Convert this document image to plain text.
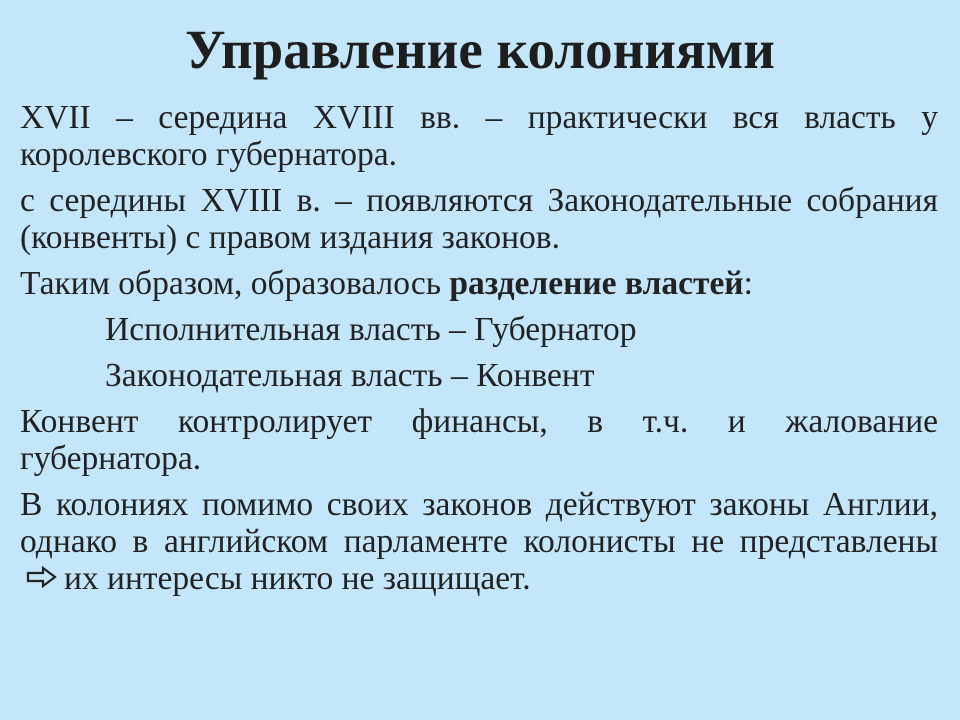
Управление колониями

XVII – середина XVIII вв. – практически вся власть у королевского губернатора.

с середины XVIII в. – появляются Законодательные собрания (конвенты) с правом издания законов.

Таким образом, образовалось разделение властей:

Исполнительная власть – Губернатор

Законодательная власть – Конвент

Конвент контролирует финансы, в т.ч. и жалование губернатора.

В колониях помимо своих законов действуют законы Англии, однако в английском парламенте колонисты не представленыих интересы никто не защищает.
